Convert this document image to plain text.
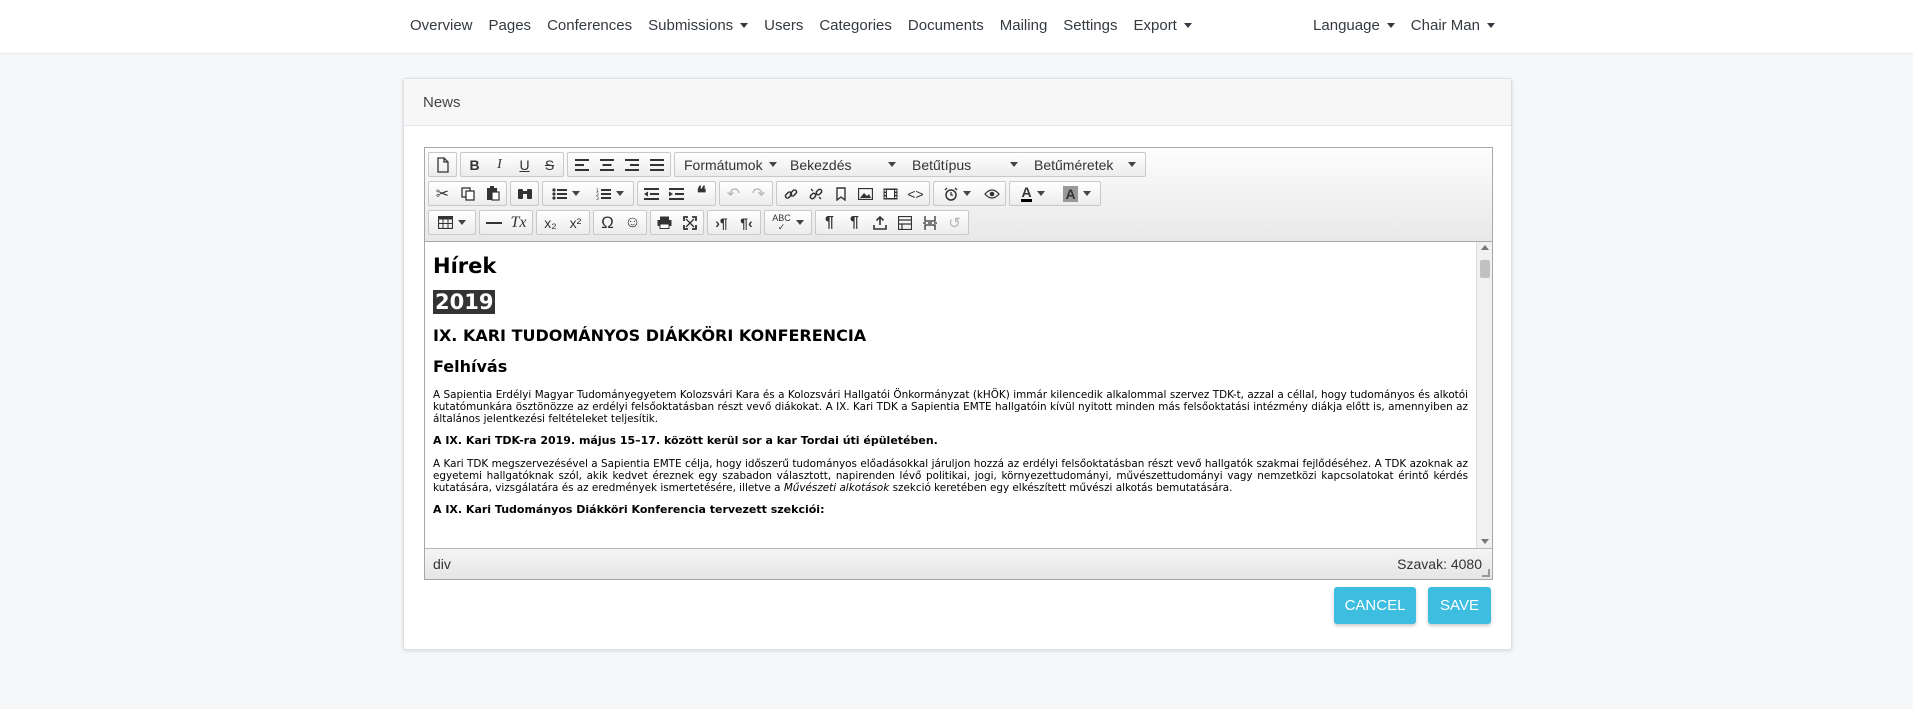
Overview Pages Conferences Submissions Users Categories Documents Mailing Settings Export	Language Chair Man
News
B	I	U	S	Formátumok Bekezdés	Betűtípus	Betűméretek
✂	1
2
3	❝ ↶ ↷	<>	A A
Tx x₂ x² Ω ☺	›¶ ¶‹ ABC
✓	¶ ¶	↺
Hírek
2019
IX. KARI TUDOMÁNYOS DIÁKKÖRI KONFERENCIA
Felhívás

A Sapientia Erdélyi Magyar Tudományegyetem Kolozsvári Kara és a Kolozsvári Hallgatói Önkormányzat (kHÖK) immár kilencedik alkalommal szervez TDK-t, azzal a céllal, hogy tudományos és alkotói kutatómunkára ösztönözze az erdélyi felsőoktatásban részt vevő diákokat. A IX. Kari TDK a Sapientia EMTE hallgatóin kívül nyitott minden más felsőoktatási intézmény diákja előtt is, amennyiben az általános jelentkezési feltételeket teljesítik.

A IX. Kari TDK-ra 2019. május 15–17. között kerül sor a kar Tordai úti épületében.

A Kari TDK megszervezésével a Sapientia EMTE célja, hogy időszerű tudományos előadásokkal járuljon hozzá az erdélyi felsőoktatásban részt vevő hallgatók szakmai fejlődéséhez. A TDK azoknak az egyetemi hallgatóknak szól, akik kedvet éreznek egy szabadon választott, napirenden lévő politikai, jogi, környezettudományi, művészettudományi vagy nemzetközi kapcsolatokat érintő kérdés kutatására, vizsgálatára és az eredmények ismertetésére, illetve a Művészeti alkotások szekció keretében egy elkészített művészi alkotás bemutatására.

A IX. Kari Tudományos Diákköri Konferencia tervezett szekciói:

div	Szavak: 4080
CANCEL	SAVE
